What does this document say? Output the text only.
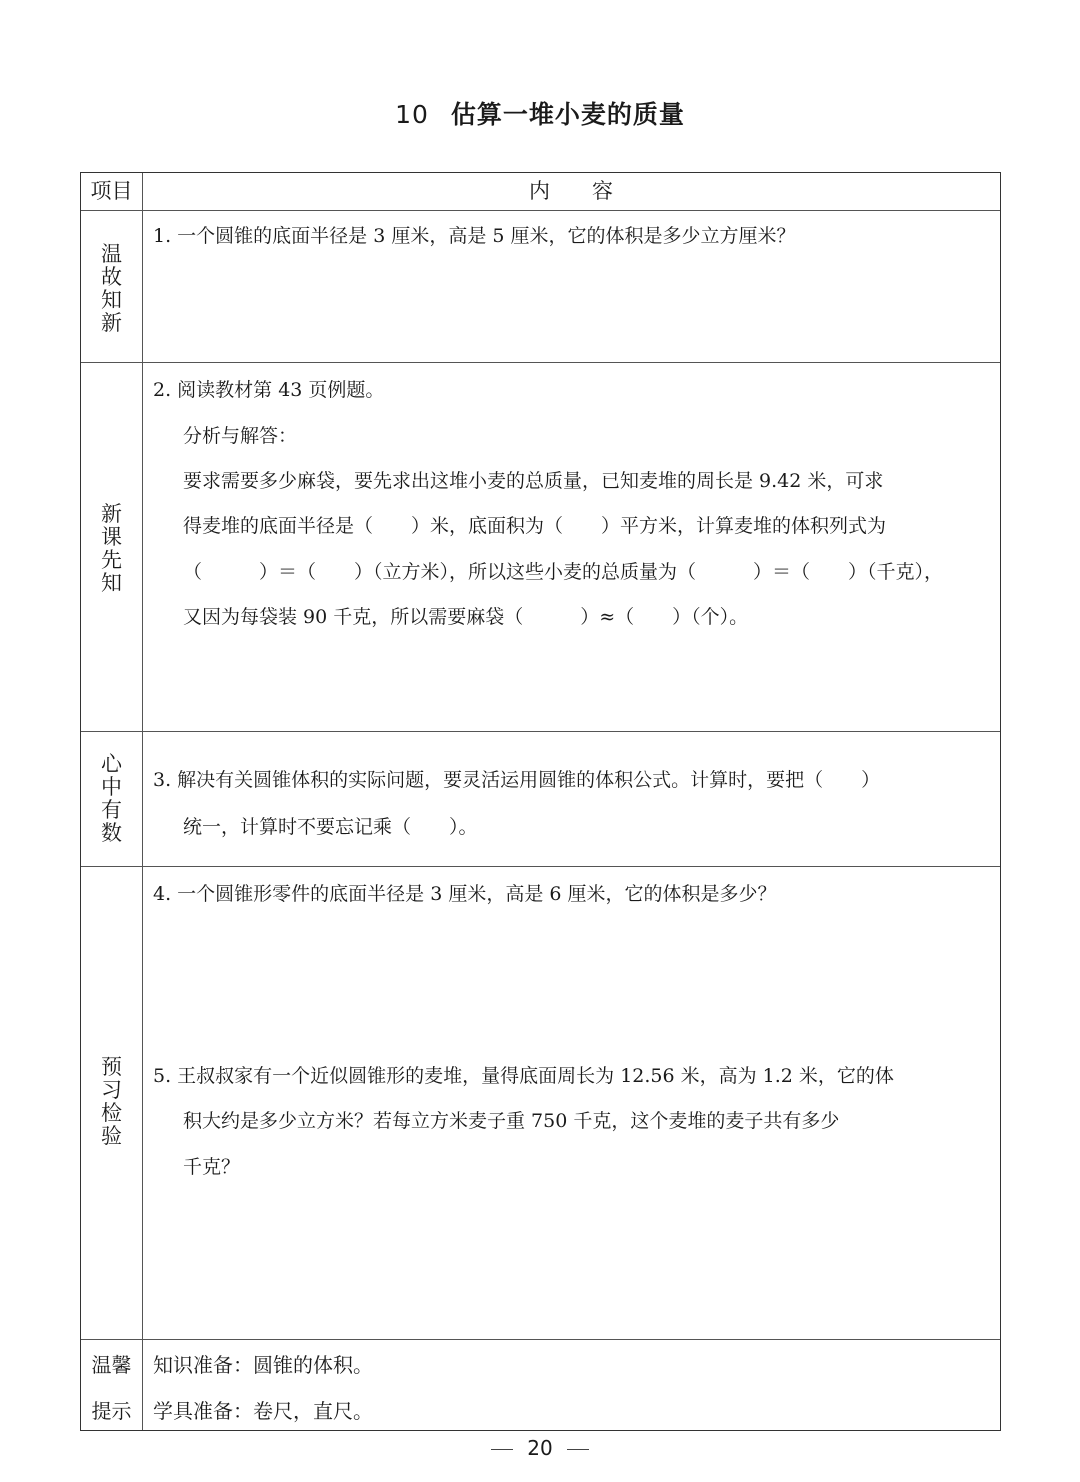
10 估算一堆小麦的质量
项目	内　　容
温
故
知
新
1. 一个圆锥的底面半径是 3 厘米，高是 5 厘米，它的体积是多少立方厘米？
新
课
先
知
2. 阅读教材第 43 页例题。
分析与解答：
要求需要多少麻袋，要先求出这堆小麦的总质量，已知麦堆的周长是 9.42 米，可求
得麦堆的底面半径是（　　）米，底面积为（　　）平方米，计算麦堆的体积列式为
（　　　）＝（　　）（立方米），所以这些小麦的总质量为（　　　）＝（　　）（千克），
又因为每袋装 90 千克，所以需要麻袋（　　　）≈（　　）（个）。
心
中
有
数
3. 解决有关圆锥体积的实际问题，要灵活运用圆锥的体积公式。计算时，要把（　　）
统一，计算时不要忘记乘（　　）。
预
习
检
验
4. 一个圆锥形零件的底面半径是 3 厘米，高是 6 厘米，它的体积是多少？
5. 王叔叔家有一个近似圆锥形的麦堆，量得底面周长为 12.56 米，高为 1.2 米，它的体
积大约是多少立方米？若每立方米麦子重 750 千克，这个麦堆的麦子共有多少
千克？
温馨
提示
知识准备：圆锥的体积。
学具准备：卷尺，直尺。
20
